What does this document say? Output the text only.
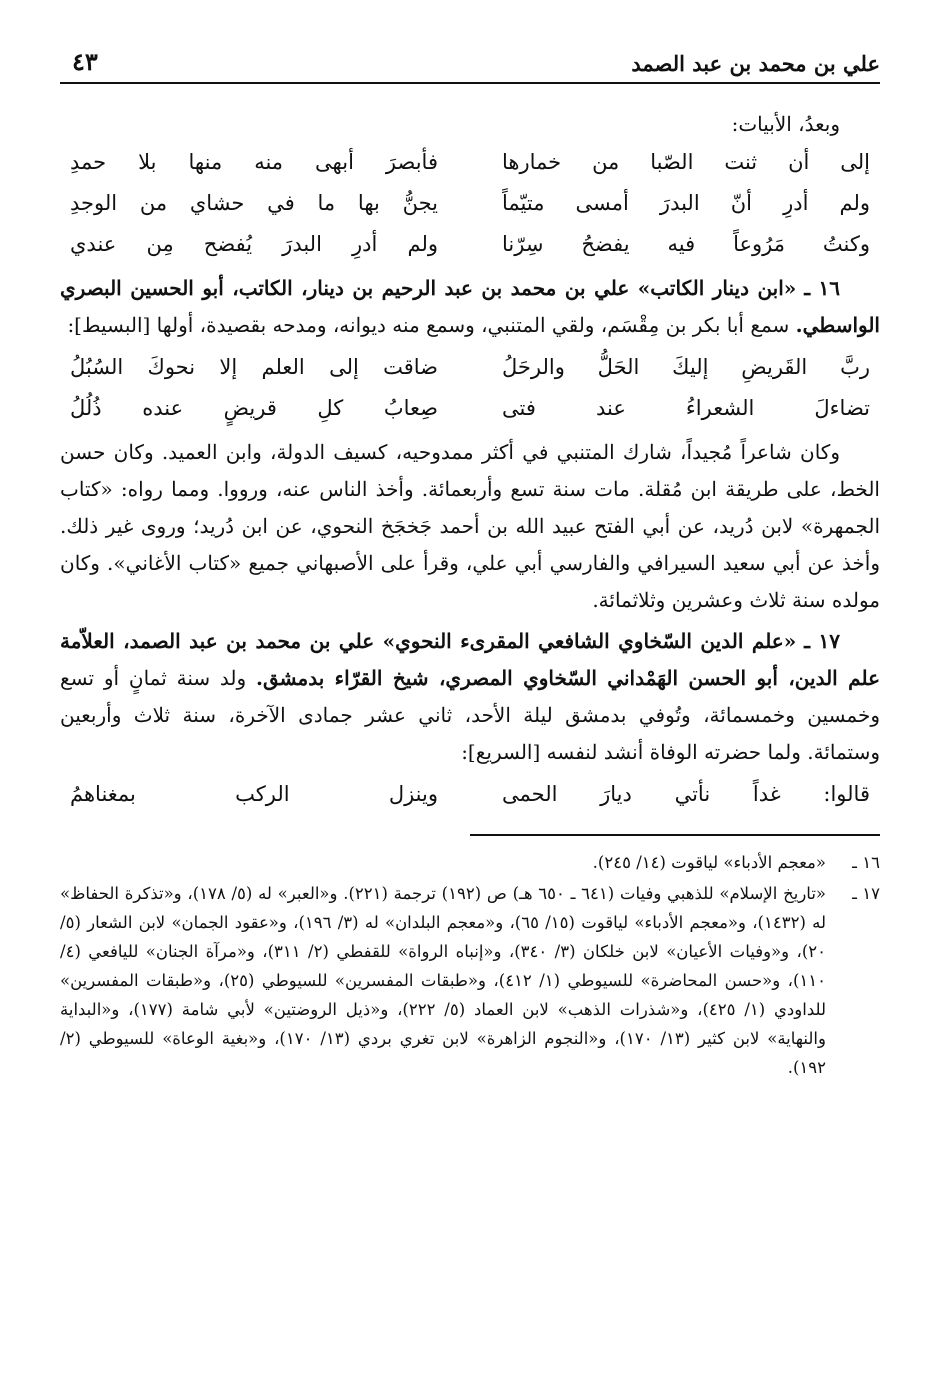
علي بن محمد بن عبد الصمد
٤٣
وبعدُ، الأبيات:
إلى أن ثنت الصّبا من خمارها
فأبصرَ أبهى منه منها بلا حمدِ
ولم أدرِ أنّ البدرَ أمسى متيّماً
يجنُّ بها ما في حشاي من الوجدِ
وكنتُ مَرُوعاً فيه يفضحُ سِرّنا
ولم أدرِ البدرَ يُفضح مِن عندي
١٦ ـ «ابن دينار الكاتب» علي بن محمد بن عبد الرحيم بن دينار، الكاتب، أبو الحسين البصري الواسطي. سمع أبا بكر بن مِقْسَم، ولقي المتنبي، وسمع منه ديوانه، ومدحه بقصيدة، أولها [البسيط]:
ربَّ القَريضِ إليكَ الحَلُّ والرحَلُ
ضاقت إلى العلم إلا نحوكَ السُبُلُ
تضاءلَ الشعراءُ عند فتى
صِعابُ كلِ قريضٍ عنده ذُلُلُ
وكان شاعراً مُجيداً، شارك المتنبي في أكثر ممدوحيه، كسيف الدولة، وابن العميد. وكان حسن الخط، على طريقة ابن مُقلة. مات سنة تسع وأربعمائة. وأخذ الناس عنه، ورووا. ومما رواه: «كتاب الجمهرة» لابن دُريد، عن أبي الفتح عبيد الله بن أحمد جَخجَخ النحوي، عن ابن دُريد؛ وروى غير ذلك. وأخذ عن أبي سعيد السيرافي والفارسي أبي علي، وقرأ على الأصبهاني جميع «كتاب الأغاني». وكان مولده سنة ثلاث وعشرين وثلاثمائة.
١٧ ـ «علم الدين السّخاوي الشافعي المقرىء النحوي» علي بن محمد بن عبد الصمد، العلاّمة علم الدين، أبو الحسن الهَمْداني السّخاوي المصري، شيخ القرّاء بدمشق. ولد سنة ثمانٍ أو تسع وخمسين وخمسمائة، وتُوفي بدمشق ليلة الأحد، ثاني عشر جمادى الآخرة، سنة ثلاث وأربعين وستمائة. ولما حضرته الوفاة أنشد لنفسه [السريع]:
قالوا: غداً نأتي ديارَ الحمى
وينزل الركب بمغناهمُ
١٦ ـ
«معجم الأدباء» لياقوت (١٤/ ٢٤٥).
١٧ ـ
«تاريخ الإسلام» للذهبي وفيات (٦٤١ ـ ٦٥٠ هـ) ص (١٩٢) ترجمة (٢٢١). و«العبر» له (٥/ ١٧٨)، و«تذكرة الحفاظ» له (١٤٣٢)، و«معجم الأدباء» لياقوت (١٥/ ٦٥)، و«معجم البلدان» له (٣/ ١٩٦)، و«عقود الجمان» لابن الشعار (٥/ ٢٠)، و«وفيات الأعيان» لابن خلكان (٣/ ٣٤٠)، و«إنباه الرواة» للقفطي (٢/ ٣١١)، و«مرآة الجنان» لليافعي (٤/ ١١٠)، و«حسن المحاضرة» للسيوطي (١/ ٤١٢)، و«طبقات المفسرين» للسيوطي (٢٥)، و«طبقات المفسرين» للداودي (١/ ٤٢٥)، و«شذرات الذهب» لابن العماد (٥/ ٢٢٢)، و«ذيل الروضتين» لأبي شامة (١٧٧)، و«البداية والنهاية» لابن كثير (١٣/ ١٧٠)، و«النجوم الزاهرة» لابن تغري بردي (١٣/ ١٧٠)، و«بغية الوعاة» للسيوطي (٢/ ١٩٢).
